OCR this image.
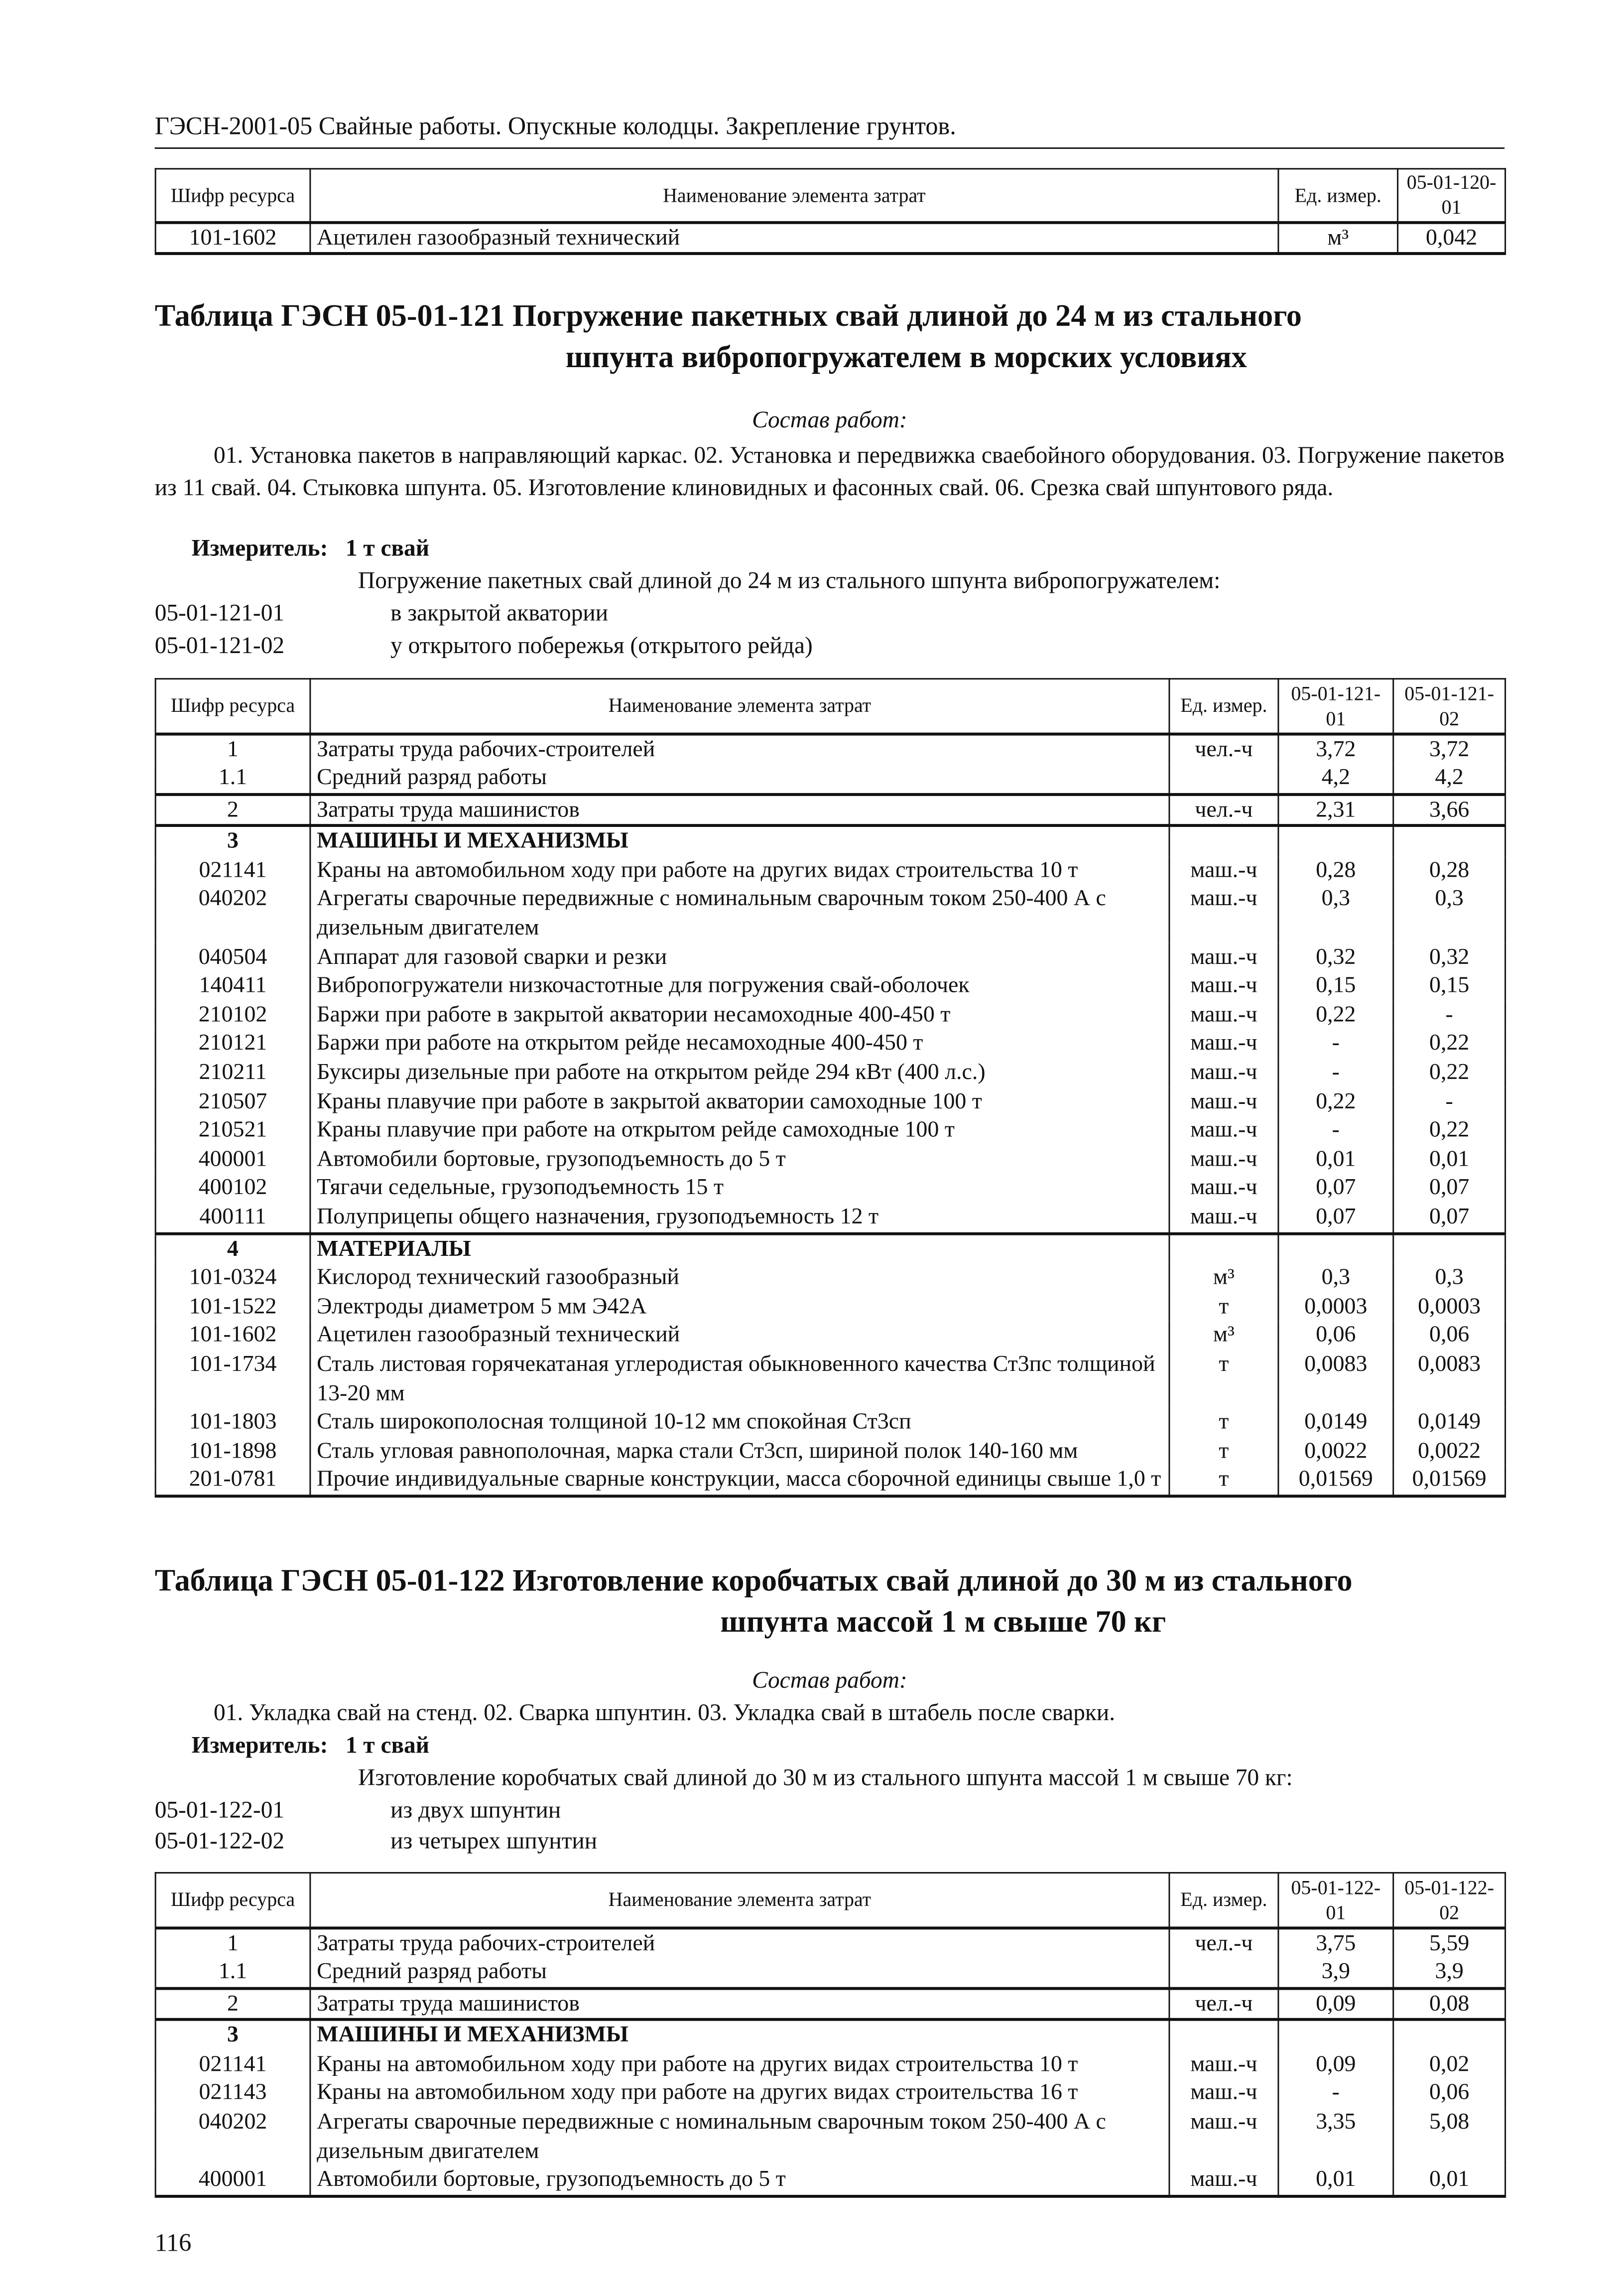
ГЭСН-2001-05 Свайные работы. Опускные колодцы. Закрепление грунтов.
Шифр ресурса	Наименование элемента затрат	Ед. измер.	05-01-120-01
101-1602	Ацетилен газообразный технический	м³	0,042
Таблица ГЭСН 05-01-121 Погружение пакетных свай длиной до 24 м из стального
шпунта вибропогружателем в морских условиях
Состав работ:
01. Установка пакетов в направляющий каркас. 02. Установка и передвижка сваебойного оборудования. 03. Погружение пакетов из 11 свай. 04. Стыковка шпунта. 05. Изготовление клиновидных и фасонных свай. 06. Срезка свай шпунтового ряда.
Измеритель:   1 т свай
Погружение пакетных свай длиной до 24 м из стального шпунта вибропогружателем:
05-01-121-01	в закрытой акватории
05-01-121-02	у открытого побережья (открытого рейда)
Шифр ресурса	Наименование элемента затрат	Ед. измер.	05-01-121-01	05-01-121-02
1	Затраты труда рабочих-строителей	чел.-ч	3,72	3,72
1.1	Средний разряд работы		4,2	4,2
2	Затраты труда машинистов	чел.-ч	2,31	3,66
3	МАШИНЫ И МЕХАНИЗМЫ			
021141	Краны на автомобильном ходу при работе на других видах строительства 10 т	маш.-ч	0,28	0,28
040202	Агрегаты сварочные передвижные с номинальным сварочным током 250-400 А с дизельным двигателем	маш.-ч	0,3	0,3
040504	Аппарат для газовой сварки и резки	маш.-ч	0,32	0,32
140411	Вибропогружатели низкочастотные для погружения свай-оболочек	маш.-ч	0,15	0,15
210102	Баржи при работе в закрытой акватории несамоходные 400-450 т	маш.-ч	0,22	-
210121	Баржи при работе на открытом рейде несамоходные 400-450 т	маш.-ч	-	0,22
210211	Буксиры дизельные при работе на открытом рейде 294 кВт (400 л.с.)	маш.-ч	-	0,22
210507	Краны плавучие при работе в закрытой акватории самоходные 100 т	маш.-ч	0,22	-
210521	Краны плавучие при работе на открытом рейде самоходные 100 т	маш.-ч	-	0,22
400001	Автомобили бортовые, грузоподъемность до 5 т	маш.-ч	0,01	0,01
400102	Тягачи седельные, грузоподъемность 15 т	маш.-ч	0,07	0,07
400111	Полуприцепы общего назначения, грузоподъемность 12 т	маш.-ч	0,07	0,07
4	МАТЕРИАЛЫ			
101-0324	Кислород технический газообразный	м³	0,3	0,3
101-1522	Электроды диаметром 5 мм Э42А	т	0,0003	0,0003
101-1602	Ацетилен газообразный технический	м³	0,06	0,06
101-1734	Сталь листовая горячекатаная углеродистая обыкновенного качества Ст3пс толщиной 13-20 мм	т	0,0083	0,0083
101-1803	Сталь широкополосная толщиной 10-12 мм спокойная Ст3сп	т	0,0149	0,0149
101-1898	Сталь угловая равнополочная, марка стали Ст3сп, шириной полок 140-160 мм	т	0,0022	0,0022
201-0781	Прочие индивидуальные сварные конструкции, масса сборочной единицы свыше 1,0 т	т	0,01569	0,01569
Таблица ГЭСН 05-01-122 Изготовление коробчатых свай длиной до 30 м из стального
шпунта массой 1 м свыше 70 кг
Состав работ:
01. Укладка свай на стенд. 02. Сварка шпунтин. 03. Укладка свай в штабель после сварки.
Измеритель:   1 т свай
Изготовление коробчатых свай длиной до 30 м из стального шпунта массой 1 м свыше 70 кг:
05-01-122-01	из двух шпунтин
05-01-122-02	из четырех шпунтин
Шифр ресурса	Наименование элемента затрат	Ед. измер.	05-01-122-01	05-01-122-02
1	Затраты труда рабочих-строителей	чел.-ч	3,75	5,59
1.1	Средний разряд работы		3,9	3,9
2	Затраты труда машинистов	чел.-ч	0,09	0,08
3	МАШИНЫ И МЕХАНИЗМЫ			
021141	Краны на автомобильном ходу при работе на других видах строительства 10 т	маш.-ч	0,09	0,02
021143	Краны на автомобильном ходу при работе на других видах строительства 16 т	маш.-ч	-	0,06
040202	Агрегаты сварочные передвижные с номинальным сварочным током 250-400 А с дизельным двигателем	маш.-ч	3,35	5,08
400001	Автомобили бортовые, грузоподъемность до 5 т	маш.-ч	0,01	0,01
116
